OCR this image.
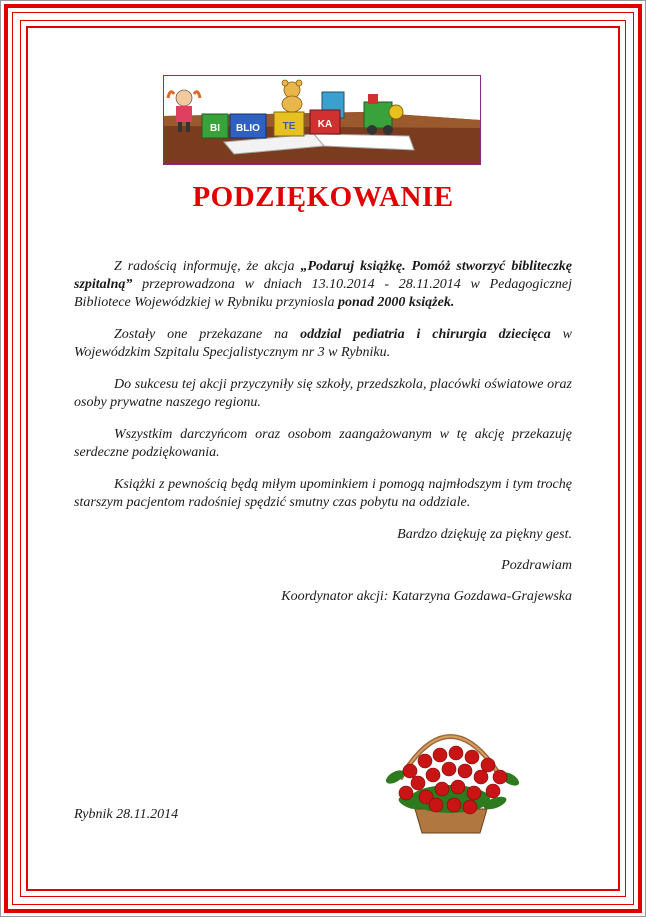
BI BLIO TE KA
PODZIĘKOWANIE

Z radością informuję, że akcja „Podaruj książkę. Pomóż stworzyć bibliteczkę szpitalną” przeprowadzona w dniach 13.10.2014 - 28.11.2014 w Pedagogicznej Bibliotece Wojewódzkiej w Rybniku przyniosla ponad 2000 książek.

Zostały one przekazane na oddzial pediatria i chirurgia dziecięca w Wojewódzkim Szpitalu Specjalistycznym nr 3 w Rybniku.

Do sukcesu tej akcji przyczyniły się szkoły, przedszkola, placówki oświatowe oraz osoby prywatne naszego regionu.

Wszystkim darczyńcom oraz osobom zaangażowanym w tę akcję przekazuję serdeczne podziękowania.

Książki z pewnością będą miłym upominkiem i pomogą najmłodszym i tym trochę starszym pacjentom radośniej spędzić smutny czas pobytu na oddziale.

Bardzo dziękuję za piękny gest.

Pozdrawiam

Koordynator akcji: Katarzyna Gozdawa-Grajewska

Rybnik 28.11.2014
